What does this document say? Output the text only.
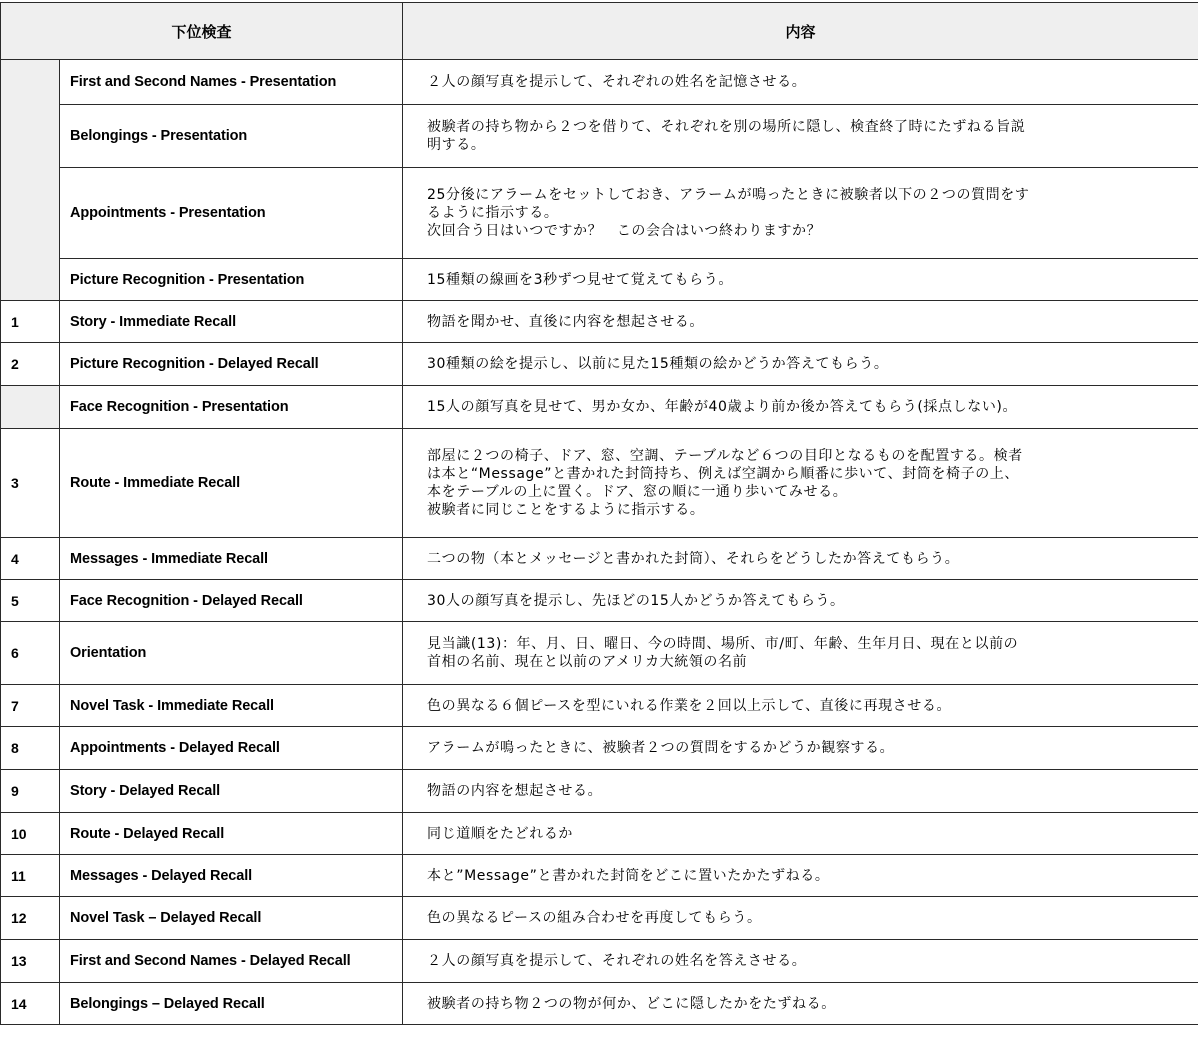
下位検査		内容
	First and Second Names - Presentation	２人の顔写真を提示して、それぞれの姓名を記憶させる。
	Belongings - Presentation	被験者の持ち物から２つを借りて、それぞれを別の場所に隠し、検査終了時にたずねる旨説
明する。
	Appointments - Presentation	25分後にアラームをセットしておき、アラームが鳴ったときに被験者以下の２つの質問をす
るように指示する。
次回合う日はいつですか？　この会合はいつ終わりますか？
	Picture Recognition - Presentation	15種類の線画を3秒ずつ見せて覚えてもらう。
1	Story - Immediate Recall	物語を聞かせ、直後に内容を想起させる。
2	Picture Recognition - Delayed Recall	30種類の絵を提示し、以前に見た15種類の絵かどうか答えてもらう。
	Face Recognition - Presentation	15人の顔写真を見せて、男か女か、年齢が40歳より前か後か答えてもらう(採点しない)。
3	Route - Immediate Recall	部屋に２つの椅子、ドア、窓、空調、テーブルなど６つの目印となるものを配置する。検者
は本と“Message”と書かれた封筒持ち、例えば空調から順番に歩いて、封筒を椅子の上、
本をテーブルの上に置く。ドア、窓の順に一通り歩いてみせる。
被験者に同じことをするように指示する。
4	Messages - Immediate Recall	二つの物（本とメッセージと書かれた封筒）、それらをどうしたか答えてもらう。
5	Face Recognition - Delayed Recall	30人の顔写真を提示し、先ほどの15人かどうか答えてもらう。
6	Orientation	見当識(13)：年、月、日、曜日、今の時間、場所、市/町、年齢、生年月日、現在と以前の
首相の名前、現在と以前のアメリカ大統領の名前
7	Novel Task - Immediate Recall	色の異なる６個ピースを型にいれる作業を２回以上示して、直後に再現させる。
8	Appointments - Delayed Recall	アラームが鳴ったときに、被験者２つの質問をするかどうか観察する。
9	Story - Delayed Recall	物語の内容を想起させる。
10	Route - Delayed Recall	同じ道順をたどれるか
11	Messages - Delayed Recall	本と”Message”と書かれた封筒をどこに置いたかたずねる。
12	Novel Task – Delayed Recall	色の異なるピースの組み合わせを再度してもらう。
13	First and Second Names - Delayed Recall	２人の顔写真を提示して、それぞれの姓名を答えさせる。
14	Belongings – Delayed Recall	被験者の持ち物２つの物が何か、どこに隠したかをたずねる。
